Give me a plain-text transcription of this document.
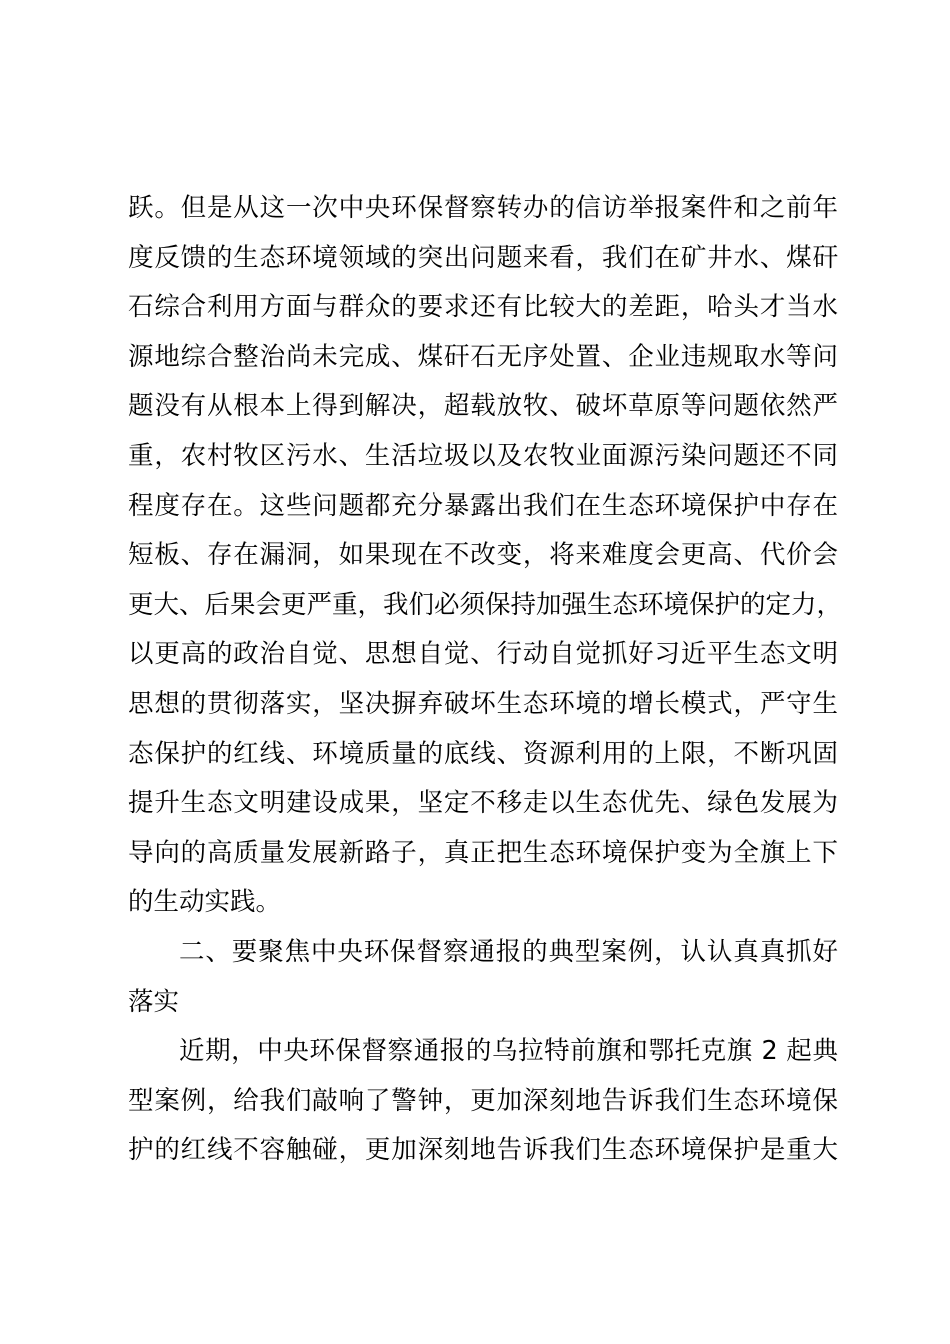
跃。但是从这一次中央环保督察转办的信访举报案件和之前年
度反馈的生态环境领域的突出问题来看，我们在矿井水、煤矸
石综合利用方面与群众的要求还有比较大的差距，哈头才当水
源地综合整治尚未完成、煤矸石无序处置、企业违规取水等问
题没有从根本上得到解决，超载放牧、破坏草原等问题依然严
重，农村牧区污水、生活垃圾以及农牧业面源污染问题还不同
程度存在。这些问题都充分暴露出我们在生态环境保护中存在
短板、存在漏洞，如果现在不改变，将来难度会更高、代价会
更大、后果会更严重，我们必须保持加强生态环境保护的定力，
以更高的政治自觉、思想自觉、行动自觉抓好习近平生态文明
思想的贯彻落实，坚决摒弃破坏生态环境的增长模式，严守生
态保护的红线、环境质量的底线、资源利用的上限，不断巩固
提升生态文明建设成果，坚定不移走以生态优先、绿色发展为
导向的高质量发展新路子，真正把生态环境保护变为全旗上下
的生动实践。
二、要聚焦中央环保督察通报的典型案例，认认真真抓好
落实
近期，中央环保督察通报的乌拉特前旗和鄂托克旗 2 起典
型案例，给我们敲响了警钟，更加深刻地告诉我们生态环境保
护的红线不容触碰，更加深刻地告诉我们生态环境保护是重大
